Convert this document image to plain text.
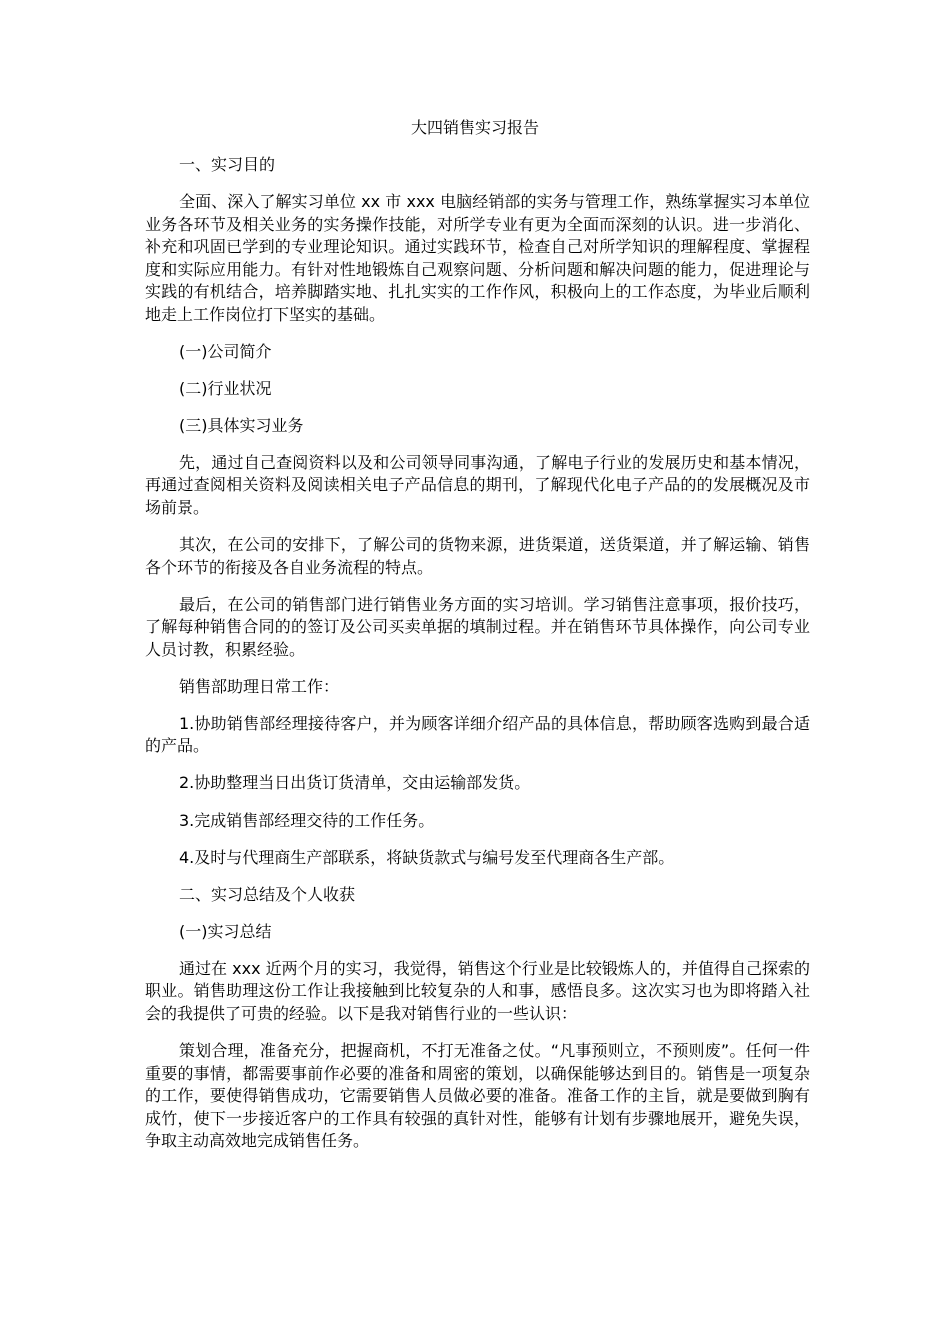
大四销售实习报告

一、实习目的

全面、深入了解实习单位 xx 市 xxx 电脑经销部的实务与管理工作，熟练掌握实习本单位业务各环节及相关业务的实务操作技能，对所学专业有更为全面而深刻的认识。进一步消化、补充和巩固已学到的专业理论知识。通过实践环节，检查自己对所学知识的理解程度、掌握程度和实际应用能力。有针对性地锻炼自己观察问题、分析问题和解决问题的能力，促进理论与实践的有机结合，培养脚踏实地、扎扎实实的工作作风，积极向上的工作态度，为毕业后顺利地走上工作岗位打下坚实的基础。

(一)公司简介

(二)行业状况

(三)具体实习业务

先，通过自己查阅资料以及和公司领导同事沟通，了解电子行业的发展历史和基本情况，再通过查阅相关资料及阅读相关电子产品信息的期刊，了解现代化电子产品的的发展概况及市场前景。

其次，在公司的安排下，了解公司的货物来源，进货渠道，送货渠道，并了解运输、销售各个环节的衔接及各自业务流程的特点。

最后，在公司的销售部门进行销售业务方面的实习培训。学习销售注意事项，报价技巧，了解每种销售合同的的签订及公司买卖单据的填制过程。并在销售环节具体操作，向公司专业人员讨教，积累经验。

销售部助理日常工作：

1.协助销售部经理接待客户，并为顾客详细介绍产品的具体信息，帮助顾客选购到最合适的产品。

2.协助整理当日出货订货清单，交由运输部发货。

3.完成销售部经理交待的工作任务。

4.及时与代理商生产部联系，将缺货款式与编号发至代理商各生产部。

二、实习总结及个人收获

(一)实习总结

通过在 xxx 近两个月的实习，我觉得，销售这个行业是比较锻炼人的，并值得自己探索的职业。销售助理这份工作让我接触到比较复杂的人和事，感悟良多。这次实习也为即将踏入社会的我提供了可贵的经验。以下是我对销售行业的一些认识：

策划合理，准备充分，把握商机，不打无准备之仗。“凡事预则立，不预则废”。任何一件重要的事情，都需要事前作必要的准备和周密的策划，以确保能够达到目的。销售是一项复杂的工作，要使得销售成功，它需要销售人员做必要的准备。准备工作的主旨，就是要做到胸有成竹，使下一步接近客户的工作具有较强的真针对性，能够有计划有步骤地展开，避免失误，争取主动高效地完成销售任务。
